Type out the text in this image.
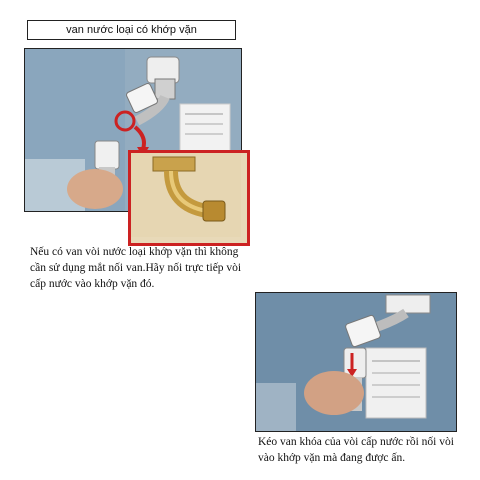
van nước loại có khớp vặn
Nếu có van vòi nước loại khớp vặn thì không cần sử dụng mắt nối van.Hãy nối trực tiếp vòi cấp nước vào khớp vặn đó.
Kéo van khóa của vòi cấp nước rồi nối vòi vào khớp vặn mà đang được ấn.
